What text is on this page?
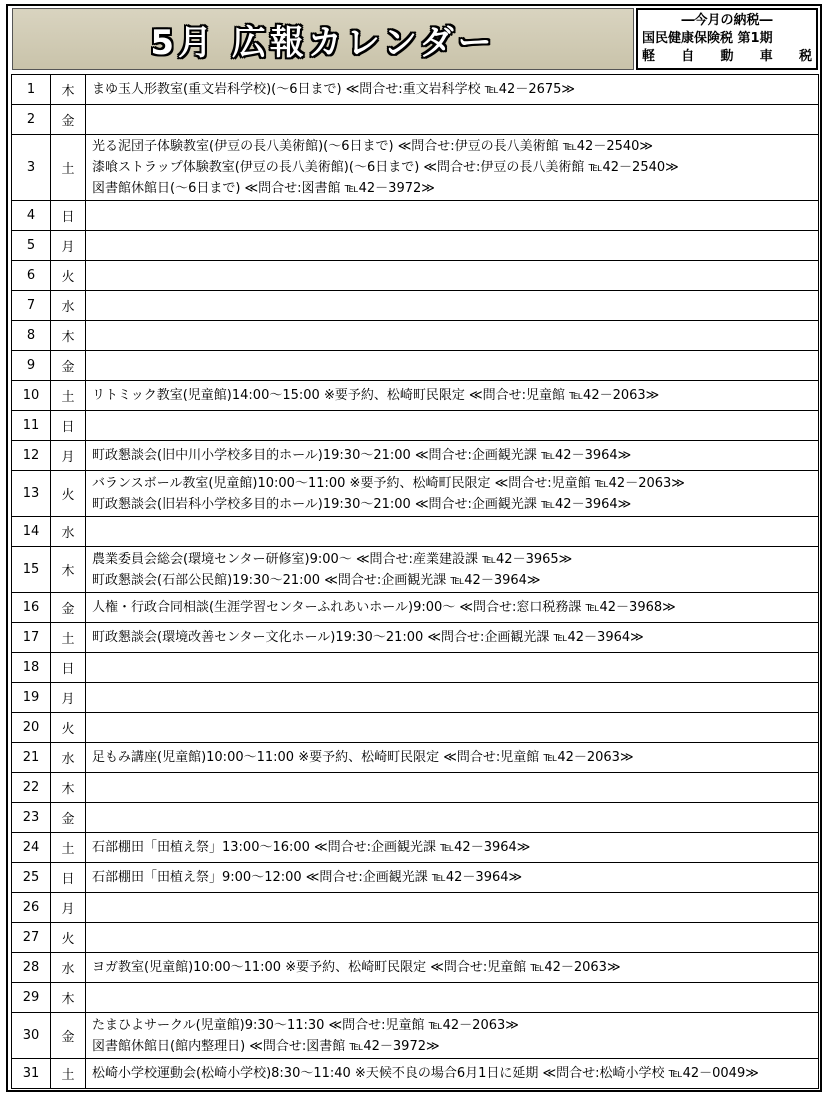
5月 広報カレンダー
―今月の納税―
国民健康保険税 第1期
軽 自 動 車 税
1	木	まゆ玉人形教室(重文岩科学校)(～6日まで) ≪問合せ:重文岩科学校 ℡42－2675≫

2	金	
3	土	光る泥団子体験教室(伊豆の長八美術館)(～6日まで) ≪問合せ:伊豆の長八美術館 ℡42－2540≫
漆喰ストラップ体験教室(伊豆の長八美術館)(～6日まで) ≪問合せ:伊豆の長八美術館 ℡42－2540≫
図書館休館日(～6日まで) ≪問合せ:図書館 ℡42－3972≫

4	日	
5	月	
6	火	
7	水	
8	木	
9	金	
10	土	リトミック教室(児童館)14:00～15:00 ※要予約、松崎町民限定 ≪問合せ:児童館 ℡42－2063≫

11	日	
12	月	町政懇談会(旧中川小学校多目的ホール)19:30～21:00 ≪問合せ:企画観光課 ℡42－3964≫

13	火	バランスボール教室(児童館)10:00～11:00 ※要予約、松崎町民限定 ≪問合せ:児童館 ℡42－2063≫
町政懇談会(旧岩科小学校多目的ホール)19:30～21:00 ≪問合せ:企画観光課 ℡42－3964≫

14	水	
15	木	農業委員会総会(環境センター研修室)9:00～ ≪問合せ:産業建設課 ℡42－3965≫
町政懇談会(石部公民館)19:30～21:00 ≪問合せ:企画観光課 ℡42－3964≫

16	金	人権・行政合同相談(生涯学習センターふれあいホール)9:00～ ≪問合せ:窓口税務課 ℡42－3968≫

17	土	町政懇談会(環境改善センター文化ホール)19:30～21:00 ≪問合せ:企画観光課 ℡42－3964≫

18	日	
19	月	
20	火	
21	水	足もみ講座(児童館)10:00～11:00 ※要予約、松崎町民限定 ≪問合せ:児童館 ℡42－2063≫

22	木	
23	金	
24	土	石部棚田「田植え祭」13:00～16:00 ≪問合せ:企画観光課 ℡42－3964≫

25	日	石部棚田「田植え祭」9:00～12:00 ≪問合せ:企画観光課 ℡42－3964≫

26	月	
27	火	
28	水	ヨガ教室(児童館)10:00～11:00 ※要予約、松崎町民限定 ≪問合せ:児童館 ℡42－2063≫

29	木	
30	金	たまひよサークル(児童館)9:30～11:30 ≪問合せ:児童館 ℡42－2063≫
図書館休館日(館内整理日) ≪問合せ:図書館 ℡42－3972≫

31	土	松崎小学校運動会(松崎小学校)8:30～11:40 ※天候不良の場合6月1日に延期 ≪問合せ:松崎小学校 ℡42－0049≫
